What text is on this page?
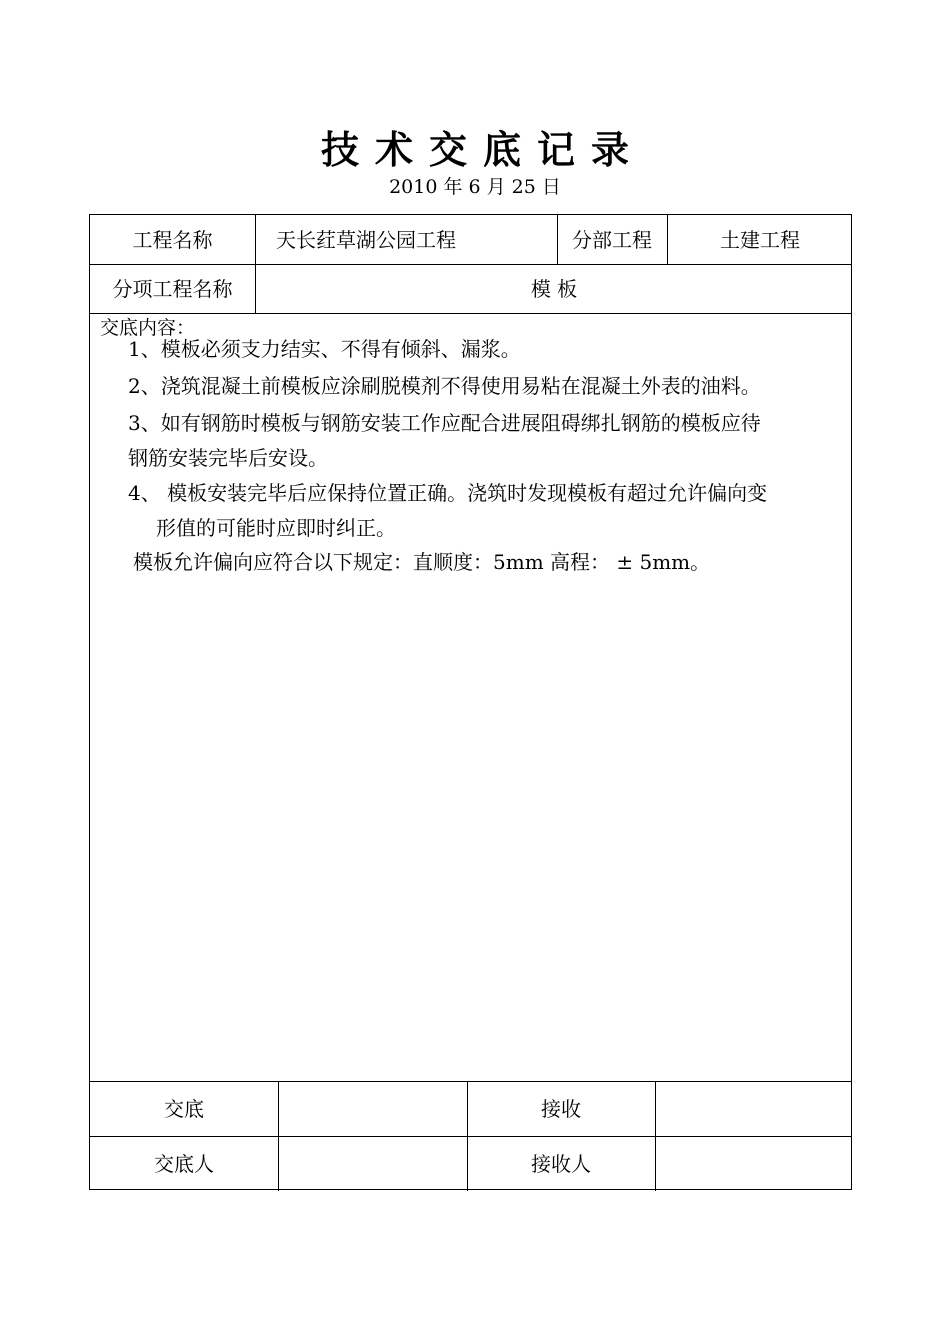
技术交底记录
2010 年 6 月 25 日
工程名称	天长荭草湖公园工程	分部工程	土建工程
分项工程名称	模 板
交底内容：
1、模板必须支力结实、不得有倾斜、漏浆。
2、浇筑混凝土前模板应涂刷脱模剂不得使用易粘在混凝土外表的油料。
3、如有钢筋时模板与钢筋安装工作应配合进展阻碍绑扎钢筋的模板应待
钢筋安装完毕后安设。
4、 模板安装完毕后应保持位置正确。浇筑时发现模板有超过允许偏向变
形值的可能时应即时纠正。
模板允许偏向应符合以下规定：直顺度：5mm 高程： ± 5mm。
交底	接收
交底人	接收人
